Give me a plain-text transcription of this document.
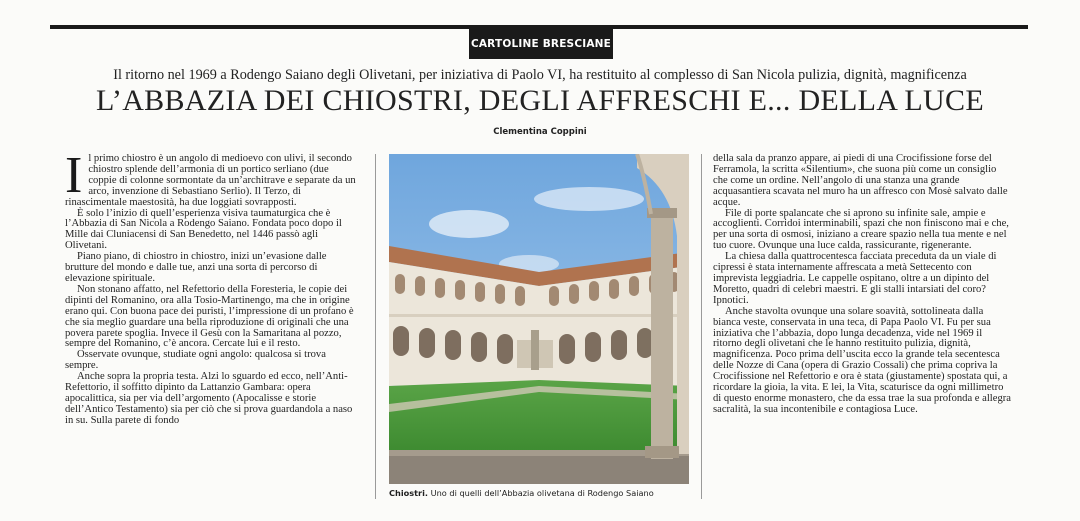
CARTOLINE BRESCIANE
Il ritorno nel 1969 a Rodengo Saiano degli Olivetani, per iniziativa di Paolo VI, ha restituito al complesso di San Nicola pulizia, dignità, magnificenza
L’ABBAZIA DEI CHIOSTRI, DEGLI AFFRESCHI E... DELLA LUCE
Clementina Coppini
I l primo chiostro è un angolo di medioevo con ulivi, il secondo chiostro splende dell’armonia di un portico serliano (due coppie di colonne sormontate da un’architrave e separate da un arco, invenzione di Sebastiano Serlio). Il Terzo, di rinascimentale maestosità, ha due loggiati sovrapposti.

È solo l’inizio di quell’esperienza visiva taumaturgica che è l’Abbazia di San Nicola a Rodengo Saiano. Fondata poco dopo il Mille dai Cluniacensi di San Benedetto, nel 1446 passò agli Olivetani.

Piano piano, di chiostro in chiostro, inizi un’evasione dalle brutture del mondo e dalle tue, anzi una sorta di percorso di elevazione spirituale.

Non stonano affatto, nel Refettorio della Foresteria, le copie dei dipinti del Romanino, ora alla Tosio-Martinengo, ma che in origine erano qui. Con buona pace dei puristi, l’impressione di un profano è che sia meglio guardare una bella riproduzione di originali che una povera parete spoglia. Invece il Gesù con la Samaritana al pozzo, sempre del Romanino, c’è ancora. Cercate lui e il resto.

Osservate ovunque, studiate ogni angolo: qualcosa si trova sempre.

Anche sopra la propria testa. Alzi lo sguardo ed ecco, nell’Anti-Refettorio, il soffitto dipinto da Lattanzio Gambara: opera apocalittica, sia per via dell’argomento (Apocalisse e storie dell’Antico Testamento) sia per ciò che si prova guardandola a naso in su. Sulla parete di fondo

Chiostri. Uno di quelli dell’Abbazia olivetana di Rodengo Saiano

della sala da pranzo appare, ai piedi di una Crocifissione forse del Ferramola, la scritta «Silentium», che suona più come un consiglio che come un ordine. Nell’angolo di una stanza una grande acquasantiera scavata nel muro ha un affresco con Mosè salvato dalle acque.

File di porte spalancate che si aprono su infinite sale, ampie e accoglienti. Corridoi interminabili, spazi che non finiscono mai e che, per una sorta di osmosi, iniziano a creare spazio nella tua mente e nel tuo cuore. Ovunque una luce calda, rassicurante, rigenerante.

La chiesa dalla quattrocentesca facciata preceduta da un viale di cipressi è stata internamente affrescata a metà Settecento con imprevista leggiadria. Le cappelle ospitano, oltre a un dipinto del Moretto, quadri di celebri maestri. E gli stalli intarsiati del coro? Ipnotici.

Anche stavolta ovunque una solare soavità, sottolineata dalla bianca veste, conservata in una teca, di Papa Paolo VI. Fu per sua iniziativa che l’abbazia, dopo lunga decadenza, vide nel 1969 il ritorno degli olivetani che le hanno restituito pulizia, dignità, magnificenza. Poco prima dell’uscita ecco la grande tela secentesca delle Nozze di Cana (opera di Grazio Cossali) che prima copriva la Crocifissione nel Refettorio e ora è stata (giustamente) spostata qui, a ricordare la gioia, la vita. E lei, la Vita, scaturisce da ogni millimetro di questo enorme monastero, che da essa trae la sua profonda e allegra sacralità, la sua incontenibile e contagiosa Luce.
